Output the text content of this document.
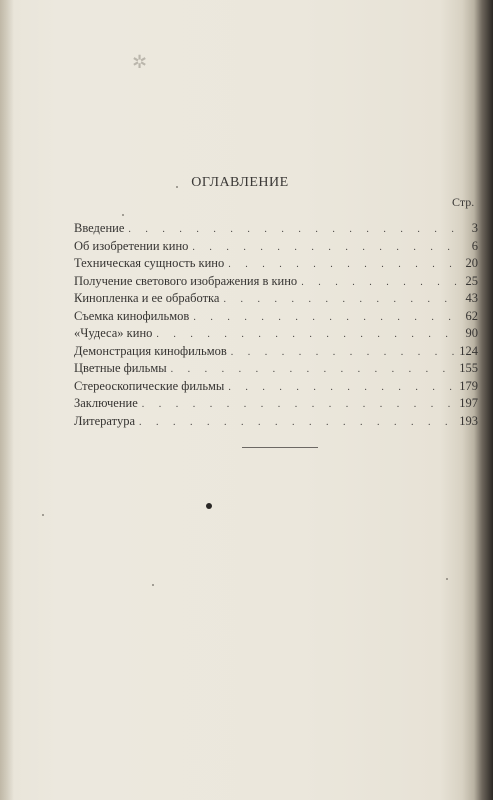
✲
ОГЛАВЛЕНИЕ
Стр.
Введение . . .	3
Об изобретении кино . . .	6
Техническая сущность кино . . .	20
Получение светового изображения в кино . . .	25
Кинопленка и ее обработка . . .	43
Съемка кинофильмов . . .	62
«Чудеса» кино . . .	90
Демонстрация кинофильмов . . .	124
Цветные фильмы . . .	155
Стереоскопические фильмы . . .	179
Заключение . . .	197
Литература . . .	193
